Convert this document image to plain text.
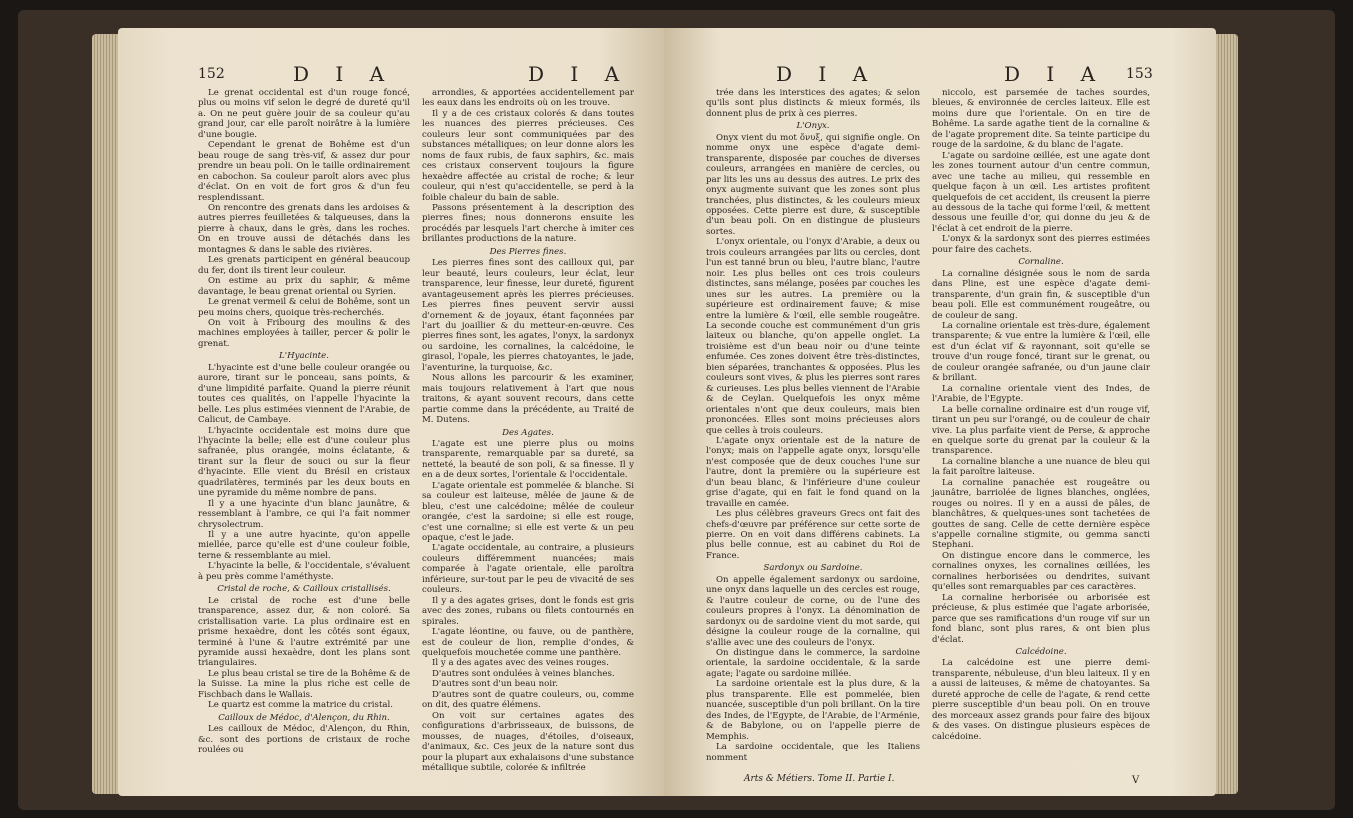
152	D I A	D I A

Le grenat occidental est d'un rouge foncé, plus ou moins vif selon le degré de dureté qu'il a. On ne peut guère jouir de sa couleur qu'au grand jour, car elle paroît noirâtre à la lumière d'une bougie.

Cependant le grenat de Bohême est d'un beau rouge de sang très-vif, & assez dur pour prendre un beau poli. On le taille ordinairement en cabochon. Sa couleur paroît alors avec plus d'éclat. On en voit de fort gros & d'un feu resplendissant.

On rencontre des grenats dans les ardoises & autres pierres feuilletées & talqueuses, dans la pierre à chaux, dans le grès, dans les roches. On en trouve aussi de détachés dans les montagnes & dans le sable des rivières.

Les grenats participent en général beaucoup du fer, dont ils tirent leur couleur.

On estime au prix du saphir, & même davantage, le beau grenat oriental ou Syrien.

Le grenat vermeil & celui de Bohême, sont un peu moins chers, quoique très-recherchés.

On voit à Fribourg des moulins & des machines employées à tailler, percer & polir le grenat.

L'Hyacinte.

L'hyacinte est d'une belle couleur orangée ou aurore, tirant sur le ponceau, sans points, & d'une limpidité parfaite. Quand la pierre réunit toutes ces qualités, on l'appelle l'hyacinte la belle. Les plus estimées viennent de l'Arabie, de Calicut, de Cambaye.

L'hyacinte occidentale est moins dure que l'hyacinte la belle; elle est d'une couleur plus safranée, plus orangée, moins éclatante, & tirant sur la fleur de souci ou sur la fleur d'hyacinte. Elle vient du Brésil en cristaux quadrilatères, terminés par les deux bouts en une pyramide du même nombre de pans.

Il y a une hyacinte d'un blanc jaunâtre, & ressemblant à l'ambre, ce qui l'a fait nommer chrysolectrum.

Il y a une autre hyacinte, qu'on appelle miellée, parce qu'elle est d'une couleur foible, terne & ressemblante au miel.

L'hyacinte la belle, & l'occidentale, s'évaluent à peu près comme l'améthyste.

Cristal de roche, & Cailloux cristallisés.

Le cristal de roche est d'une belle transparence, assez dur, & non coloré. Sa cristallisation varie. La plus ordinaire est en prisme hexaèdre, dont les côtés sont égaux, terminé à l'une & l'autre extrémité par une pyramide aussi hexaèdre, dont les plans sont triangulaires.

Le plus beau cristal se tire de la Bohême & de la Suisse. La mine la plus riche est celle de Fischbach dans le Wallais.

Le quartz est comme la matrice du cristal.

Cailloux de Médoc, d'Alençon, du Rhin.

Les cailloux de Médoc, d'Alençon, du Rhin, &c. sont des portions de cristaux de roche roulées ou

arrondies, & apportées accidentellement par les eaux dans les endroits où on les trouve.

Il y a de ces cristaux colorés & dans toutes les nuances des pierres précieuses. Ces couleurs leur sont communiquées par des substances métalliques; on leur donne alors les noms de faux rubis, de faux saphirs, &c. mais ces cristaux conservent toujours la figure hexaèdre affectée au cristal de roche; & leur couleur, qui n'est qu'accidentelle, se perd à la foible chaleur du bain de sable.

Passons présentement à la description des pierres fines; nous donnerons ensuite les procédés par lesquels l'art cherche à imiter ces brillantes productions de la nature.

Des Pierres fines.

Les pierres fines sont des cailloux qui, par leur beauté, leurs couleurs, leur éclat, leur transparence, leur finesse, leur dureté, figurent avantageusement après les pierres précieuses. Les pierres fines peuvent servir aussi d'ornement & de joyaux, étant façonnées par l'art du joaillier & du metteur-en-œuvre. Ces pierres fines sont, les agates, l'onyx, la sardonyx ou sardoine, les cornalines, la calcédoine, le girasol, l'opale, les pierres chatoyantes, le jade, l'aventurine, la turquoise, &c.

Nous allons les parcourir & les examiner, mais toujours relativement à l'art que nous traitons, & ayant souvent recours, dans cette partie comme dans la précédente, au Traité de M. Dutens.

Des Agates.

L'agate est une pierre plus ou moins transparente, remarquable par sa dureté, sa netteté, la beauté de son poli, & sa finesse. Il y en a de deux sortes, l'orientale & l'occidentale.

L'agate orientale est pommelée & blanche. Si sa couleur est laiteuse, mêlée de jaune & de bleu, c'est une calcédoine; mêlée de couleur orangée, c'est la sardoine; si elle est rouge, c'est une cornaline; si elle est verte & un peu opaque, c'est le jade.

L'agate occidentale, au contraire, a plusieurs couleurs différemment nuancées; mais comparée à l'agate orientale, elle paroîtra inférieure, sur-tout par le peu de vivacité de ses couleurs.

Il y a des agates grises, dont le fonds est gris avec des zones, rubans ou filets contournés en spirales.

L'agate léontine, ou fauve, ou de panthère, est de couleur de lion, remplie d'ondes, & quelquefois mouchetée comme une panthère.

Il y a des agates avec des veines rouges.

D'autres sont ondulées à veines blanches.

D'autres sont d'un beau noir.

D'autres sont de quatre couleurs, ou, comme on dit, des quatre élémens.

On voit sur certaines agates des configurations d'arbrisseaux, de buissons, de mousses, de nuages, d'étoiles, d'oiseaux, d'animaux, &c. Ces jeux de la nature sont dus pour la plupart aux exhalaisons d'une substance métallique subtile, colorée & infiltrée

D I A	D I A 153

trée dans les interstices des agates; & selon qu'ils sont plus distincts & mieux formés, ils donnent plus de prix à ces pierres.

L'Onyx.

Onyx vient du mot ὄνυξ, qui signifie ongle. On nomme onyx une espèce d'agate demi-transparente, disposée par couches de diverses couleurs, arrangées en manière de cercles, ou par lits les uns au dessus des autres. Le prix des onyx augmente suivant que les zones sont plus tranchées, plus distinctes, & les couleurs mieux opposées. Cette pierre est dure, & susceptible d'un beau poli. On en distingue de plusieurs sortes.

L'onyx orientale, ou l'onyx d'Arabie, a deux ou trois couleurs arrangées par lits ou cercles, dont l'un est tanné brun ou bleu, l'autre blanc, l'autre noir. Les plus belles ont ces trois couleurs distinctes, sans mélange, posées par couches les unes sur les autres. La première ou la supérieure est ordinairement fauve; & mise entre la lumière & l'œil, elle semble rougeâtre. La seconde couche est communément d'un gris laiteux ou blanche, qu'on appelle onglet. La troisième est d'un beau noir ou d'une teinte enfumée. Ces zones doivent être très-distinctes, bien séparées, tranchantes & opposées. Plus les couleurs sont vives, & plus les pierres sont rares & curieuses. Les plus belles viennent de l'Arabie & de Ceylan. Quelquefois les onyx même orientales n'ont que deux couleurs, mais bien prononcées. Elles sont moins précieuses alors que celles à trois couleurs.

L'agate onyx orientale est de la nature de l'onyx; mais on l'appelle agate onyx, lorsqu'elle n'est composée que de deux couches l'une sur l'autre, dont la première ou la supérieure est d'un beau blanc, & l'inférieure d'une couleur grise d'agate, qui en fait le fond quand on la travaille en camée.

Les plus célèbres graveurs Grecs ont fait des chefs-d'œuvre par préférence sur cette sorte de pierre. On en voit dans différens cabinets. La plus belle connue, est au cabinet du Roi de France.

Sardonyx ou Sardoine.

On appelle également sardonyx ou sardoine, une onyx dans laquelle un des cercles est rouge, & l'autre couleur de corne, ou de l'une des couleurs propres à l'onyx. La dénomination de sardonyx ou de sardoine vient du mot sarde, qui désigne la couleur rouge de la cornaline, qui s'allie avec une des couleurs de l'onyx.

On distingue dans le commerce, la sardoine orientale, la sardoine occidentale, & la sarde agate; l'agate ou sardoine millée.

La sardoine orientale est la plus dure, & la plus transparente. Elle est pommelée, bien nuancée, susceptible d'un poli brillant. On la tire des Indes, de l'Egypte, de l'Arabie, de l'Arménie, & de Babylone, ou on l'appelle pierre de Memphis.

La sardoine occidentale, que les Italiens nomment

niccolo, est parsemée de taches sourdes, bleues, & environnée de cercles laiteux. Elle est moins dure que l'orientale. On en tire de Bohême. La sarde agathe tient de la cornaline & de l'agate proprement dite. Sa teinte participe du rouge de la sardoine, & du blanc de l'agate.

L'agate ou sardoine œillée, est une agate dont les zones tournent autour d'un centre commun, avec une tache au milieu, qui ressemble en quelque façon à un œil. Les artistes profitent quelquefois de cet accident, ils creusent la pierre au dessous de la tache qui forme l'œil, & mettent dessous une feuille d'or, qui donne du jeu & de l'éclat à cet endroit de la pierre.

L'onyx & la sardonyx sont des pierres estimées pour faire des cachets.

Cornaline.

La cornaline désignée sous le nom de sarda dans Pline, est une espèce d'agate demi-transparente, d'un grain fin, & susceptible d'un beau poli. Elle est communément rougeâtre, ou de couleur de sang.

La cornaline orientale est très-dure, également transparente; & vue entre la lumière & l'œil, elle est d'un éclat vif & rayonnant, soit qu'elle se trouve d'un rouge foncé, tirant sur le grenat, ou de couleur orangée safranée, ou d'un jaune clair & brillant.

La cornaline orientale vient des Indes, de l'Arabie, de l'Egypte.

La belle cornaline ordinaire est d'un rouge vif, tirant un peu sur l'orangé, ou de couleur de chair vive. La plus parfaite vient de Perse, & approche en quelque sorte du grenat par la couleur & la transparence.

La cornaline blanche a une nuance de bleu qui la fait paroître laiteuse.

La cornaline panachée est rougeâtre ou jaunâtre, barriolée de lignes blanches, onglées, rouges ou noires. Il y en a aussi de pâles, de blanchâtres, & quelques-unes sont tachetées de gouttes de sang. Celle de cette dernière espèce s'appelle cornaline stigmite, ou gemma sancti Stephani.

On distingue encore dans le commerce, les cornalines onyxes, les cornalines œillées, les cornalines herborisées ou dendrites, suivant qu'elles sont remarquables par ces caractères.

La cornaline herborisée ou arborisée est précieuse, & plus estimée que l'agate arborisée, parce que ses ramifications d'un rouge vif sur un fond blanc, sont plus rares, & ont bien plus d'éclat.

Calcédoine.

La calcédoine est une pierre demi-transparente, nébuleuse, d'un bleu laiteux. Il y en a aussi de laiteuses, & même de chatoyantes. Sa dureté approche de celle de l'agate, & rend cette pierre susceptible d'un beau poli. On en trouve des morceaux assez grands pour faire des bijoux & des vases. On distingue plusieurs espèces de calcédoine.

Arts & Métiers. Tome II. Partie I.	V
